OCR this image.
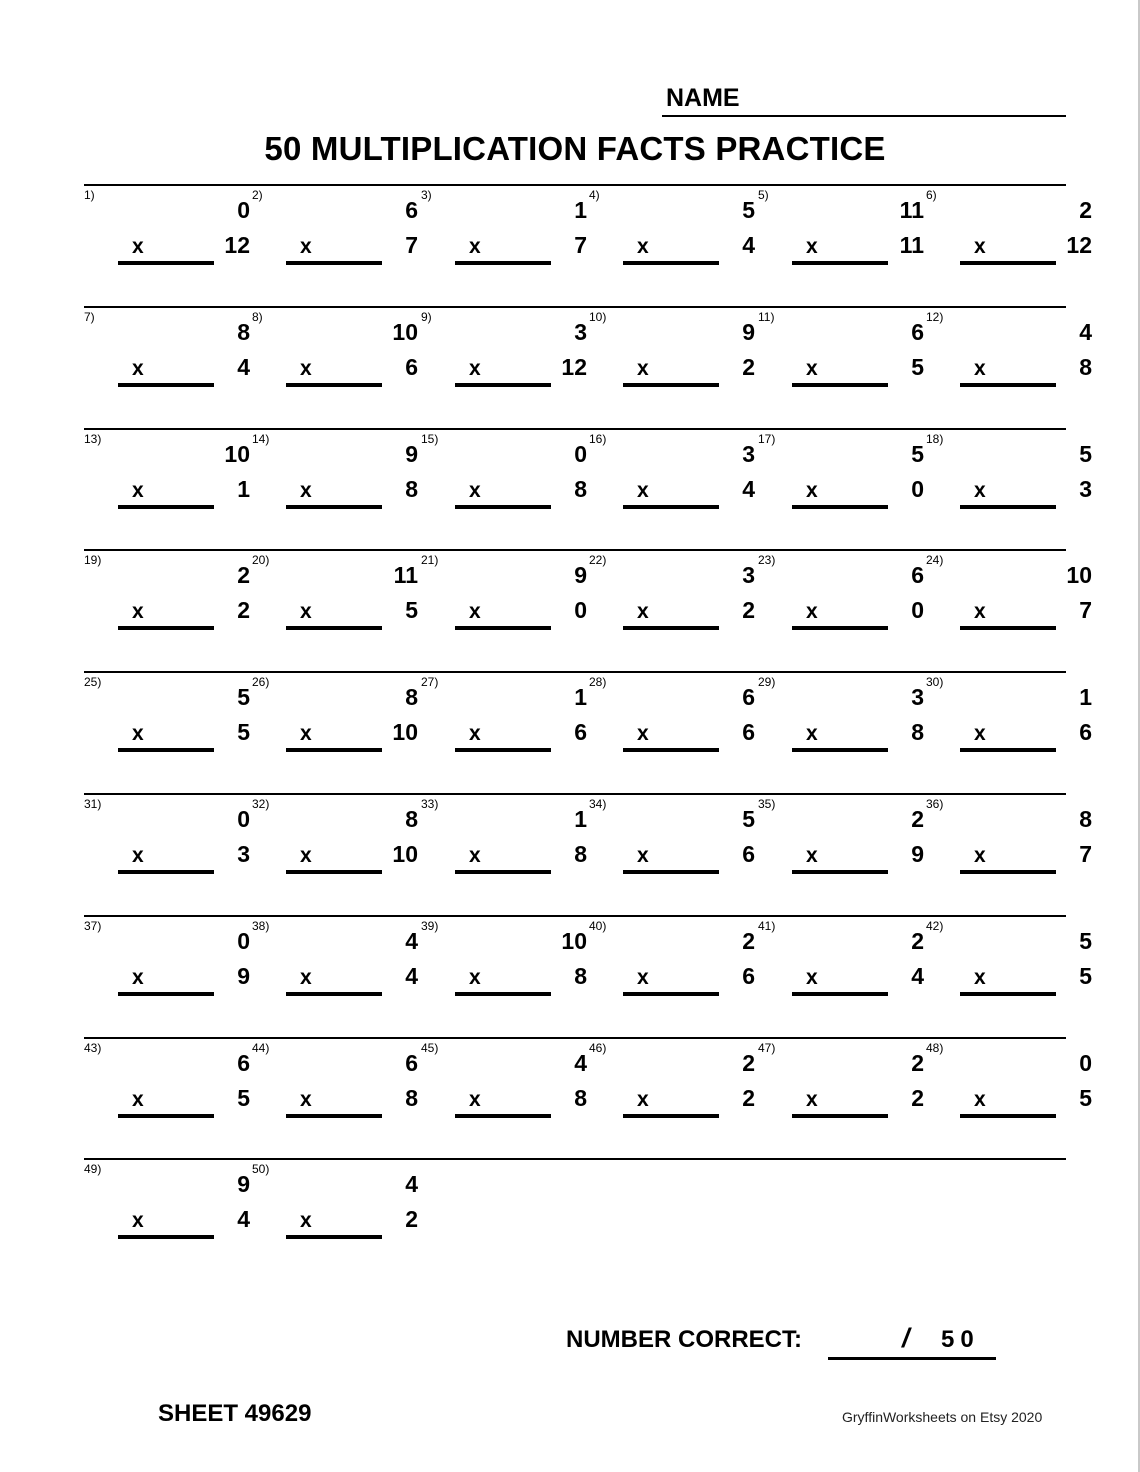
NAME
50 MULTIPLICATION FACTS PRACTICE
1)
0
x	12
2)
6
x	7
3)
1
x	7
4)
5
x	4
5)
11
x	11
6)
2
x	12
7)
8
x	4
8)
10
x	6
9)
3
x	12
10)
9
x	2
11)
6
x	5
12)
4
x	8
13)
10
x	1
14)
9
x	8
15)
0
x	8
16)
3
x	4
17)
5
x	0
18)
5
x	3
19)
2
x	2
20)
11
x	5
21)
9
x	0
22)
3
x	2
23)
6
x	0
24)
10
x	7
25)
5
x	5
26)
8
x	10
27)
1
x	6
28)
6
x	6
29)
3
x	8
30)
1
x	6
31)
0
x	3
32)
8
x	10
33)
1
x	8
34)
5
x	6
35)
2
x	9
36)
8
x	7
37)
0
x	9
38)
4
x	4
39)
10
x	8
40)
2
x	6
41)
2
x	4
42)
5
x	5
43)
6
x	5
44)
6
x	8
45)
4
x	8
46)
2
x	2
47)
2
x	2
48)
0
x	5
49)
9
x	4
50)
4
x	2
NUMBER CORRECT:	/ 50
SHEET 49629	GryffinWorksheets on Etsy 2020
